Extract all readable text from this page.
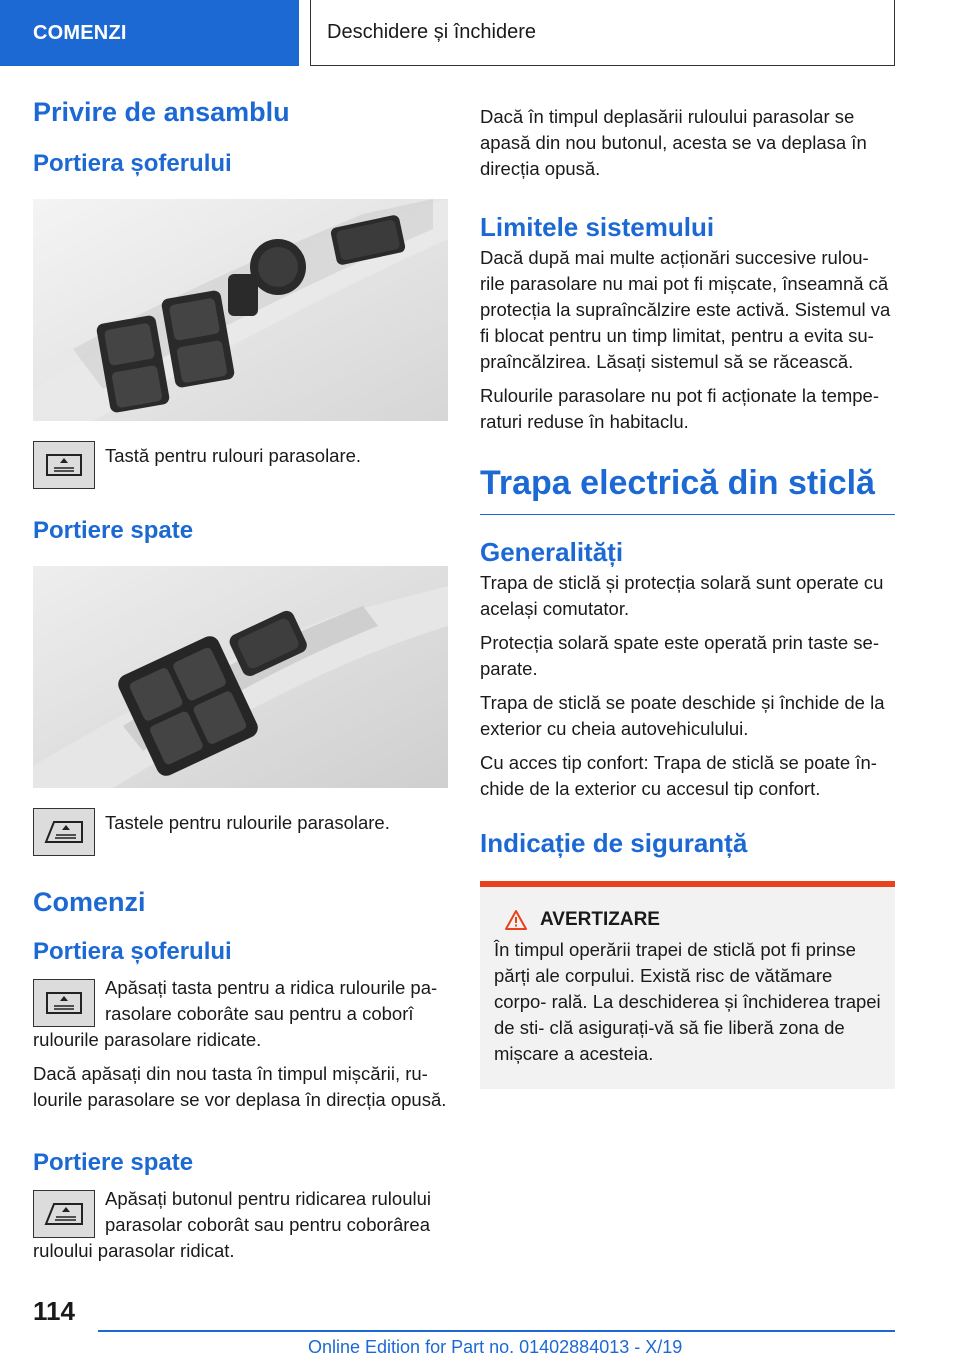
COMENZI	Deschidere și închidere
Privire de ansamblu
Portiera șoferului

Tastă pentru rulouri parasolare.

Portiere spate

Tastele pentru rulourile parasolare.

Comenzi
Portiera șoferului

Apăsați tasta pentru a ridica rulourile pa‐ rasolare coborâte sau pentru a coborî rulourile parasolare ridicate.

Dacă apăsați din nou tasta în timpul mișcării, ru‐ lourile parasolare se vor deplasa în direcția opusă.

Portiere spate

Apăsați butonul pentru ridicarea ruloului parasolar coborât sau pentru coborârea ruloului parasolar ridicat.

Dacă în timpul deplasării ruloului parasolar se apasă din nou butonul, acesta se va deplasa în direcția opusă.

Limitele sistemului

Dacă după mai multe acționări succesive rulou‐ rile parasolare nu mai pot fi mișcate, înseamnă că protecția la supraîncălzire este activă. Sistemul va fi blocat pentru un timp limitat, pentru a evita su‐ praîncălzirea. Lăsați sistemul să se răcească.

Rulourile parasolare nu pot fi acționate la tempe‐ raturi reduse în habitaclu.

Trapa electrică din sticlă
Generalități

Trapa de sticlă și protecția solară sunt operate cu același comutator.

Protecția solară spate este operată prin taste se‐ parate.

Trapa de sticlă se poate deschide și închide de la exterior cu cheia autovehiculului.

Cu acces tip confort: Trapa de sticlă se poate în‐ chide de la exterior cu accesul tip confort.

Indicație de siguranță
AVERTIZARE

În timpul operării trapei de sticlă pot fi prinse părți ale corpului. Există risc de vătămare corpo‐ rală. La deschiderea și închiderea trapei de sti‐ clă asigurați-vă să fie liberă zona de mișcare a acesteia.

114
Online Edition for Part no. 01402884013 - X/19
